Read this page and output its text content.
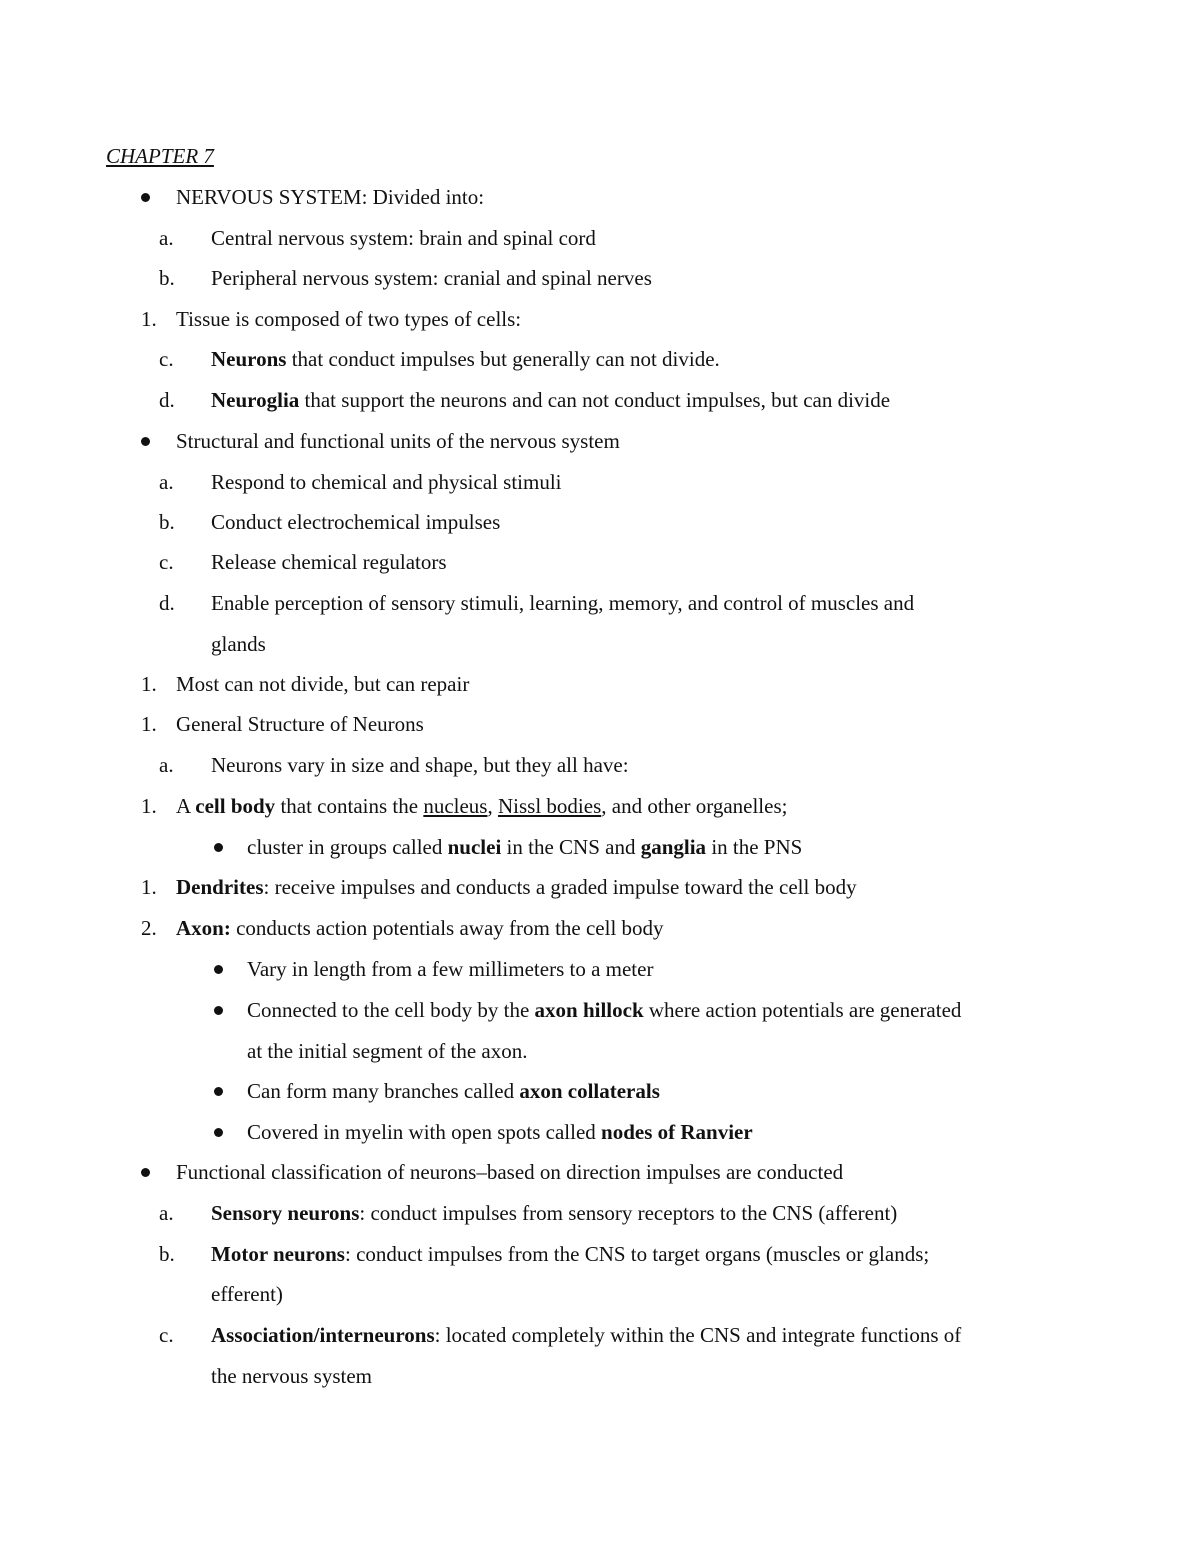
CHAPTER 7
NERVOUS SYSTEM: Divided into:
a. Central nervous system: brain and spinal cord
b. Peripheral nervous system: cranial and spinal nerves
1. Tissue is composed of two types of cells:
c. Neurons that conduct impulses but generally can not divide.
d. Neuroglia that support the neurons and can not conduct impulses, but can divide
Structural and functional units of the nervous system
a. Respond to chemical and physical stimuli
b. Conduct electrochemical impulses
c. Release chemical regulators
d. Enable perception of sensory stimuli, learning, memory, and control of muscles and
glands
1. Most can not divide, but can repair
1. General Structure of Neurons
a. Neurons vary in size and shape, but they all have:
1. A cell body that contains the nucleus, Nissl bodies, and other organelles;
cluster in groups called nuclei in the CNS and ganglia in the PNS
1. Dendrites: receive impulses and conducts a graded impulse toward the cell body
2. Axon: conducts action potentials away from the cell body
Vary in length from a few millimeters to a meter
Connected to the cell body by the axon hillock where action potentials are generated
at the initial segment of the axon.
Can form many branches called axon collaterals
Covered in myelin with open spots called nodes of Ranvier
Functional classification of neurons–based on direction impulses are conducted
a. Sensory neurons: conduct impulses from sensory receptors to the CNS (afferent)
b. Motor neurons: conduct impulses from the CNS to target organs (muscles or glands;
efferent)
c. Association/interneurons: located completely within the CNS and integrate functions of
the nervous system
